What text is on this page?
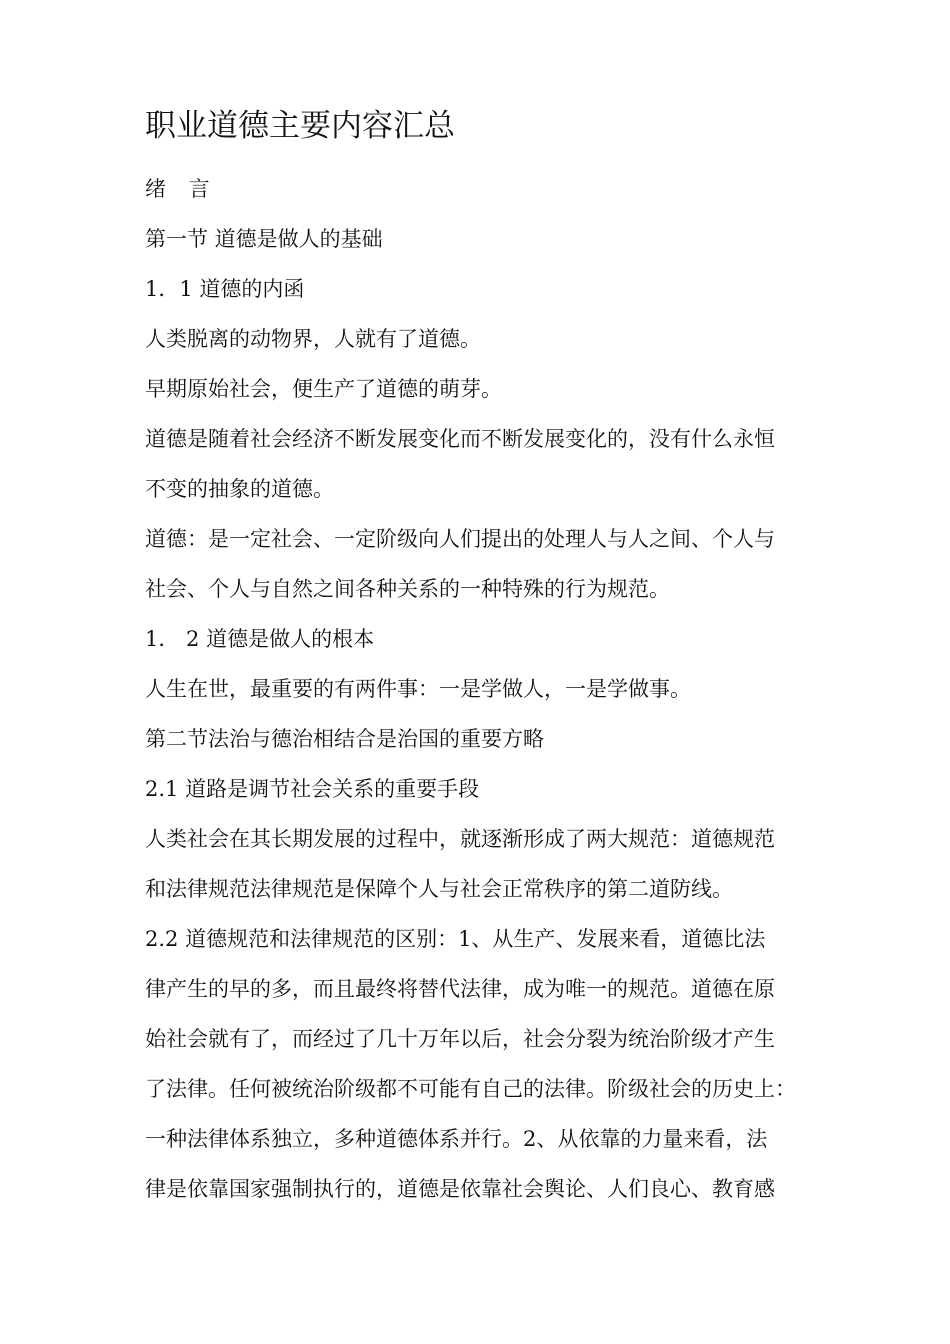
职业道德主要内容汇总

绪 言

第一节 道德是做人的基础

1．1 道德的内函

人类脱离的动物界，人就有了道德。

早期原始社会，便生产了道德的萌芽。

道德是随着社会经济不断发展变化而不断发展变化的，没有什么永恒

不变的抽象的道德。

道德：是一定社会、一定阶级向人们提出的处理人与人之间、个人与

社会、个人与自然之间各种关系的一种特殊的行为规范。

1． 2 道德是做人的根本

人生在世，最重要的有两件事：一是学做人，一是学做事。

第二节法治与德治相结合是治国的重要方略

2.1 道路是调节社会关系的重要手段

人类社会在其长期发展的过程中，就逐渐形成了两大规范：道德规范

和法律规范法律规范是保障个人与社会正常秩序的第二道防线。

2.2 道德规范和法律规范的区别：1、从生产、发展来看，道德比法

律产生的早的多，而且最终将替代法律，成为唯一的规范。道德在原

始社会就有了，而经过了几十万年以后，社会分裂为统治阶级才产生

了法律。任何被统治阶级都不可能有自己的法律。阶级社会的历史上：

一种法律体系独立，多种道德体系并行。2、从依靠的力量来看，法

律是依靠国家强制执行的，道德是依靠社会舆论、人们良心、教育感
